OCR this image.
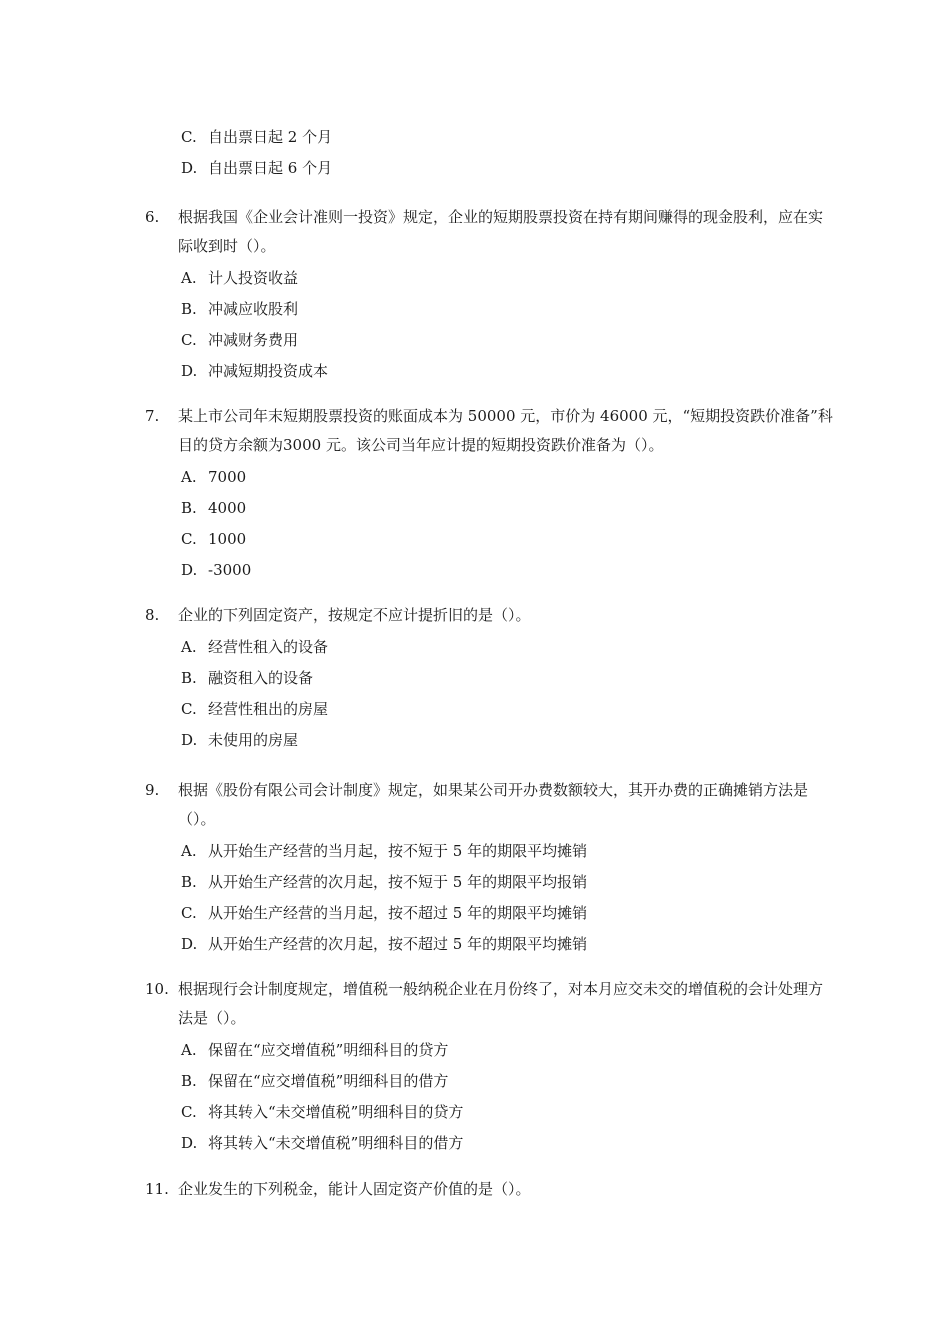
C. 自出票日起 2 个月
D. 自出票日起 6 个月
6. 根据我国《企业会计准则一投资》规定，企业的短期股票投资在持有期间赚得的现金股利，应在实际收到时（）。
A. 计人投资收益
B. 冲减应收股利
C. 冲减财务费用
D. 冲减短期投资成本
7. 某上市公司年末短期股票投资的账面成本为 50000 元，市价为 46000 元，“短期投资跌价准备”科目的贷方余额为3000 元。该公司当年应计提的短期投资跌价准备为（）。
A. 7000
B. 4000
C. 1000
D. -3000
8. 企业的下列固定资产，按规定不应计提折旧的是（）。
A. 经营性租入的设备
B. 融资租入的设备
C. 经营性租出的房屋
D. 未使用的房屋
9. 根据《股份有限公司会计制度》规定，如果某公司开办费数额较大，其开办费的正确摊销方法是（）。
A. 从开始生产经营的当月起，按不短于 5 年的期限平均摊销
B. 从开始生产经营的次月起，按不短于 5 年的期限平均报销
C. 从开始生产经营的当月起，按不超过 5 年的期限平均摊销
D. 从开始生产经营的次月起，按不超过 5 年的期限平均摊销
10. 根据现行会计制度规定，增值税一般纳税企业在月份终了，对本月应交未交的增值税的会计处理方法是（）。
A. 保留在“应交增值税”明细科目的贷方
B. 保留在“应交增值税”明细科目的借方
C. 将其转入“未交增值税”明细科目的贷方
D. 将其转入“未交增值税”明细科目的借方
11. 企业发生的下列税金，能计人固定资产价值的是（）。
